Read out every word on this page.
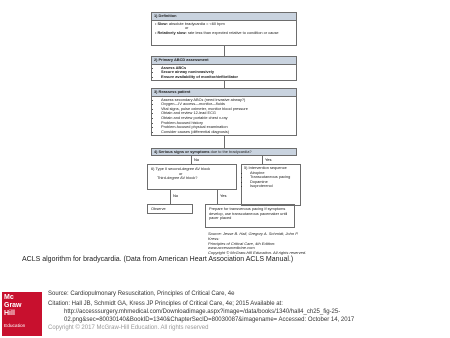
1) Definition
• Slow: absolute bradycardia = <60 bpm
or
• Relatively slow: rate less than expected relative to condition or cause
2) Primary ABCD assessment
• Assess ABCs
• Secure airway noninvasively
• Ensure availability of monitor/defibrillator
3) Reassess patient
• Assess secondary ABCs (need invasive airway?)
• Oxygen—IV access—monitor—fluids
• Vital signs, pulse oximeter, monitor blood pressure
• Obtain and review 12-lead ECG
• Obtain and review portable chest x-ray
• Problem-focused history
• Problem-focused physical examination
• Consider causes (differential diagnosis)
4) Serious signs or symptoms due to the bradycardia?
No	Yes
6) Type II second-degree AV block
or
Third-degree AV block?
5) Intervention sequence
• Atropine
• Transcutaneous pacing
• Dopamine
• Isoproterenol
No	Yes
Observe	Prepare for transvenous pacing If symptoms develop, use transcutaneous pacemaker until pacer placed
Source: Jesse B. Hall, Gregory A. Schmidt, John P. Kress:
Principles of Critical Care, 4th Edition: www.accessmedicine.com
Copyright © McGraw-Hill Education. All rights reserved.
ACLS algorithm for bradycardia. (Data from American Heart Association ACLS Manual.)
Mc
Graw
Hill
Education
Source: Cardiopulmonary Resuscitation, Principles of Critical Care, 4e
Citation: Hall JB, Schmidt GA, Kress JP Principles of Critical Care, 4e; 2015 Available at:
http://accesssurgery.mhmedical.com/Downloadimage.aspx?image=/data/books/1340/hall4_ch25_fig-25-
02.png&sec=80030140&BookID=1340&ChapterSecID=80030087&imagename= Accessed: October 14, 2017
Copyright © 2017 McGraw-Hill Education. All rights reserved
